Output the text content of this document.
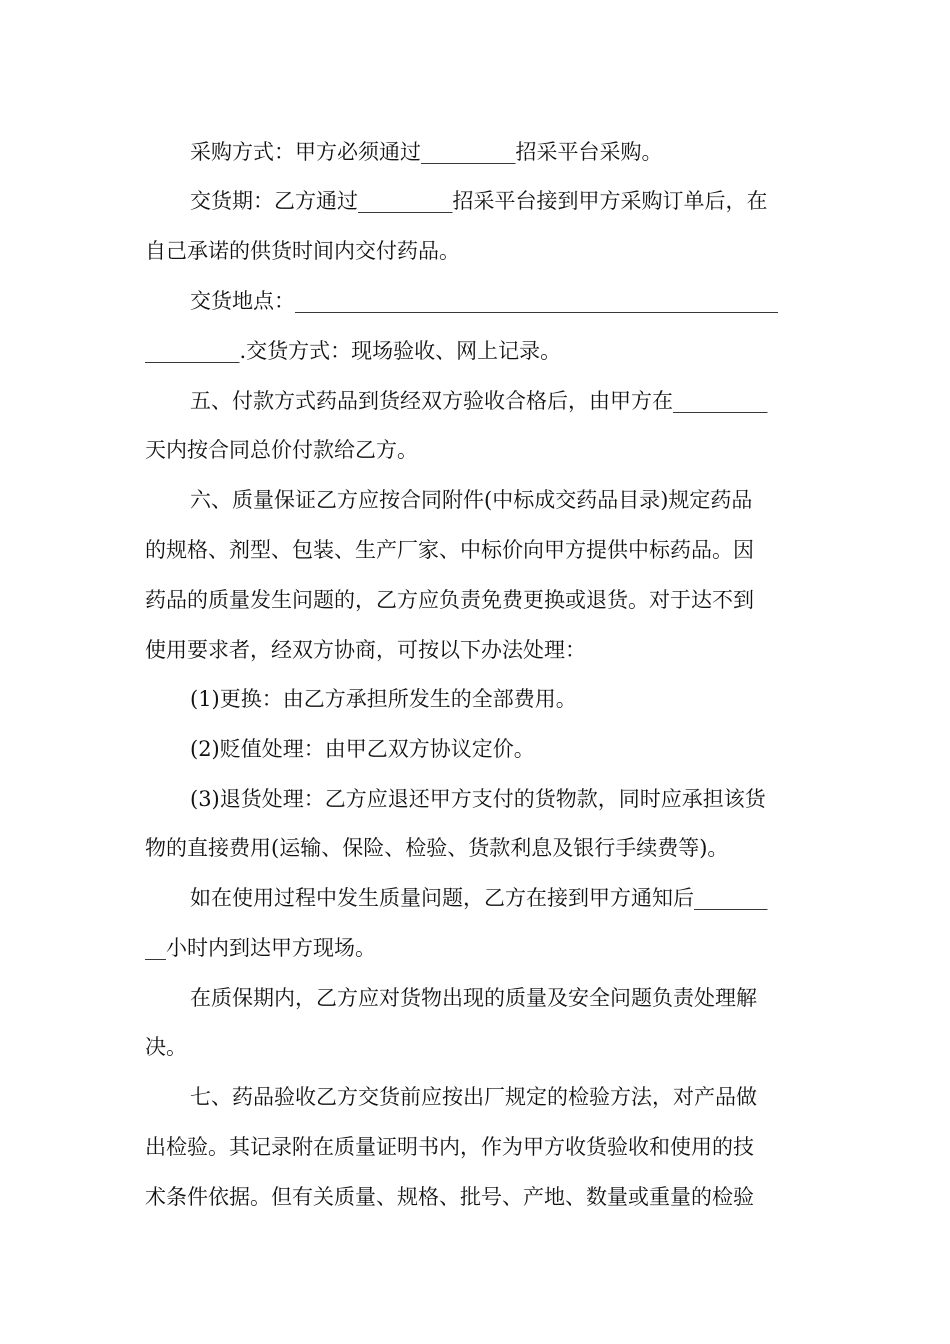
采购方式：甲方必须通过_________招采平台采购。
交货期：乙方通过_________招采平台接到甲方采购订单后，在
自己承诺的供货时间内交付药品。
交货地点：______________________________________________
_________.交货方式：现场验收、网上记录。
五、付款方式药品到货经双方验收合格后，由甲方在_________
天内按合同总价付款给乙方。
六、质量保证乙方应按合同附件(中标成交药品目录)规定药品
的规格、剂型、包装、生产厂家、中标价向甲方提供中标药品。因
药品的质量发生问题的，乙方应负责免费更换或退货。对于达不到
使用要求者，经双方协商，可按以下办法处理：
(1)更换：由乙方承担所发生的全部费用。
(2)贬值处理：由甲乙双方协议定价。
(3)退货处理：乙方应退还甲方支付的货物款，同时应承担该货
物的直接费用(运输、保险、检验、货款利息及银行手续费等)。
如在使用过程中发生质量问题，乙方在接到甲方通知后_______
__小时内到达甲方现场。
在质保期内，乙方应对货物出现的质量及安全问题负责处理解
决。
七、药品验收乙方交货前应按出厂规定的检验方法，对产品做
出检验。其记录附在质量证明书内，作为甲方收货验收和使用的技
术条件依据。但有关质量、规格、批号、产地、数量或重量的检验
